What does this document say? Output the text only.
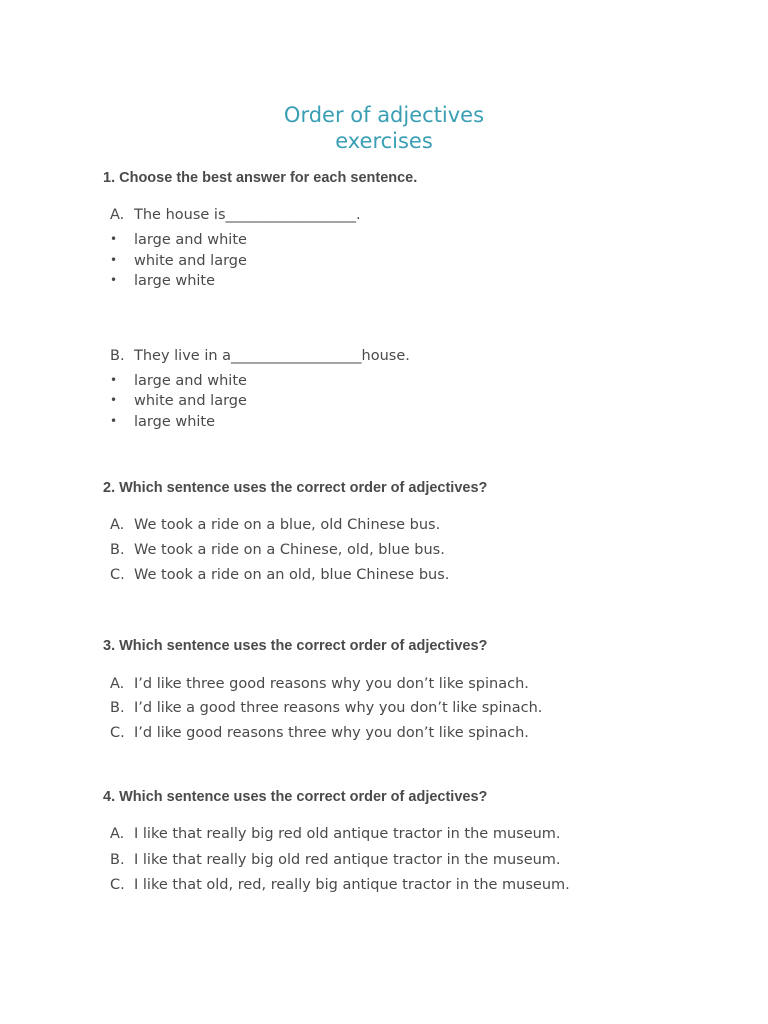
Order of adjectives
exercises

1. Choose the best answer for each sentence.

A. The house is__________________.
• large and white
• white and large
• large white
B. They live in a__________________house.
• large and white
• white and large
• large white

2. Which sentence uses the correct order of adjectives?

A. We took a ride on a blue, old Chinese bus.
B. We took a ride on a Chinese, old, blue bus.
C. We took a ride on an old, blue Chinese bus.

3. Which sentence uses the correct order of adjectives?

A. I’d like three good reasons why you don’t like spinach.
B. I’d like a good three reasons why you don’t like spinach.
C. I’d like good reasons three why you don’t like spinach.

4. Which sentence uses the correct order of adjectives?

A. I like that really big red old antique tractor in the museum.
B. I like that really big old red antique tractor in the museum.
C. I like that old, red, really big antique tractor in the museum.
